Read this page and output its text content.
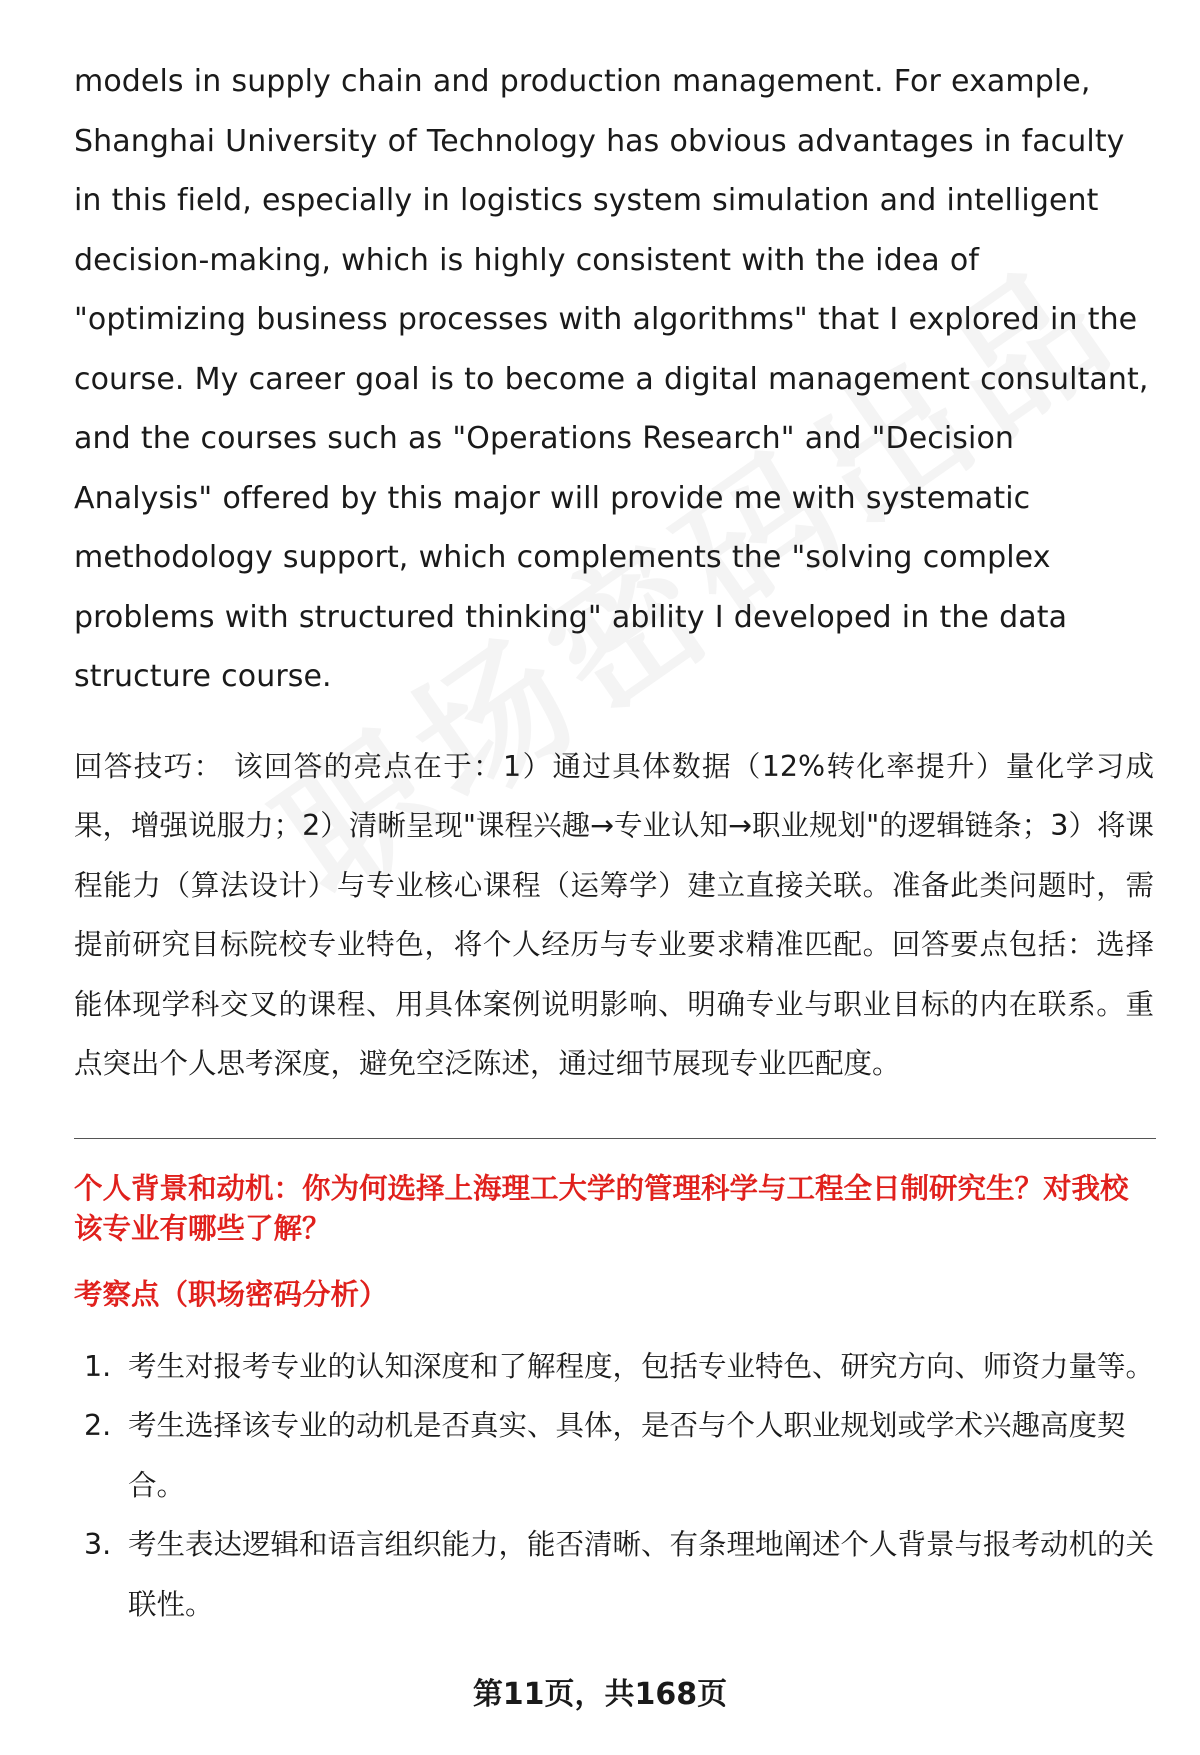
models in supply chain and production management. For example, Shanghai University of Technology has obvious advantages in faculty in this field, especially in logistics system simulation and intelligent decision-making, which is highly consistent with the idea of "optimizing business processes with algorithms" that I explored in the course. My career goal is to become a digital management consultant, and the courses such as "Operations Research" and "Decision Analysis" offered by this major will provide me with systematic methodology support, which complements the "solving complex problems with structured thinking" ability I developed in the data structure course.

回答技巧： 该回答的亮点在于：1）通过具体数据（12%转化率提升）量化学习成果，增强说服力；2）清晰呈现"课程兴趣→专业认知→职业规划"的逻辑链条；3）将课程能力（算法设计）与专业核心课程（运筹学）建立直接关联。准备此类问题时，需提前研究目标院校专业特色，将个人经历与专业要求精准匹配。回答要点包括：选择能体现学科交叉的课程、用具体案例说明影响、明确专业与职业目标的内在联系。重点突出个人思考深度，避免空泛陈述，通过细节展现专业匹配度。

个人背景和动机：你为何选择上海理工大学的管理科学与工程全日制研究生？对我校该专业有哪些了解？
考察点（职场密码分析）
1. 考生对报考专业的认知深度和了解程度，包括专业特色、研究方向、师资力量等。
2. 考生选择该专业的动机是否真实、具体，是否与个人职业规划或学术兴趣高度契合。
3. 考生表达逻辑和语言组织能力，能否清晰、有条理地阐述个人背景与报考动机的关联性。
第11页，共168页
